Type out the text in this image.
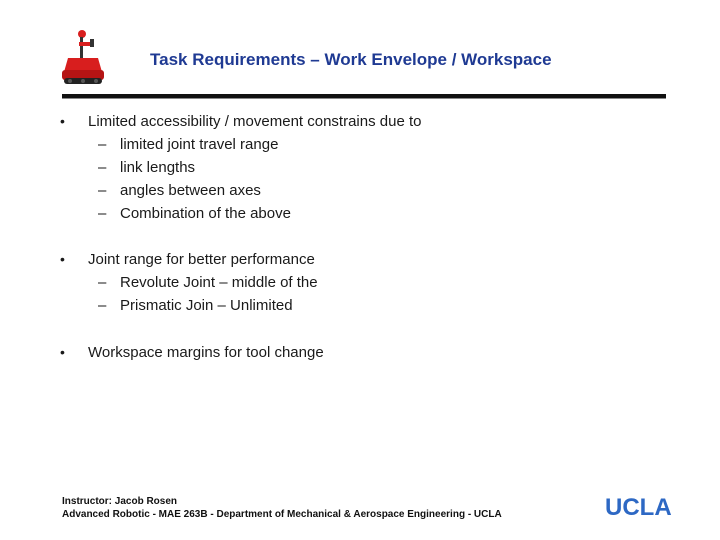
Task Requirements – Work Envelope / Workspace
• Limited accessibility / movement constrains due to
– limited joint travel range
– link lengths
– angles between axes
– Combination of the above
• Joint range for better performance
– Revolute Joint – middle of the
– Prismatic Join – Unlimited
• Workspace margins for tool change
Instructor: Jacob Rosen
Advanced Robotic - MAE 263B - Department of Mechanical & Aerospace Engineering - UCLA	UCLA
